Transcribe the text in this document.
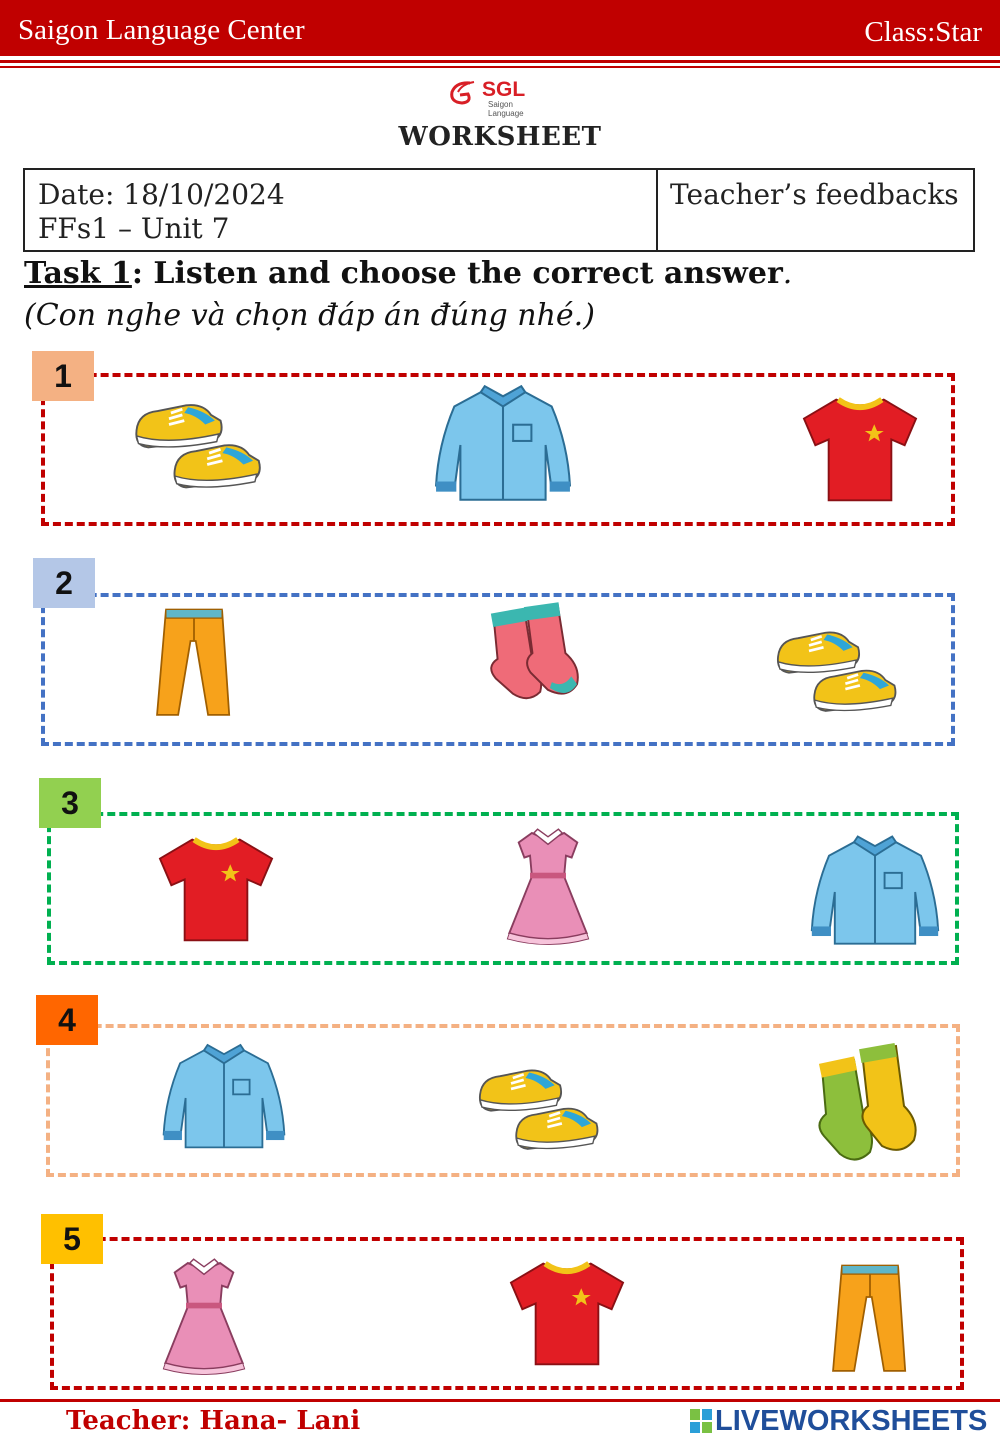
Saigon Language Center	Class:Star
SGL
Saigon Language
WORKSHEET
Date: 18/10/2024
FFs1 – Unit 7
Teacher’s feedbacks
Task 1: Listen and choose the correct answer.
(Con nghe và chọn đáp án đúng nhé.)
1
2
3
4
5
Teacher: Hana- Lani	LIVEWORKSHEETS
